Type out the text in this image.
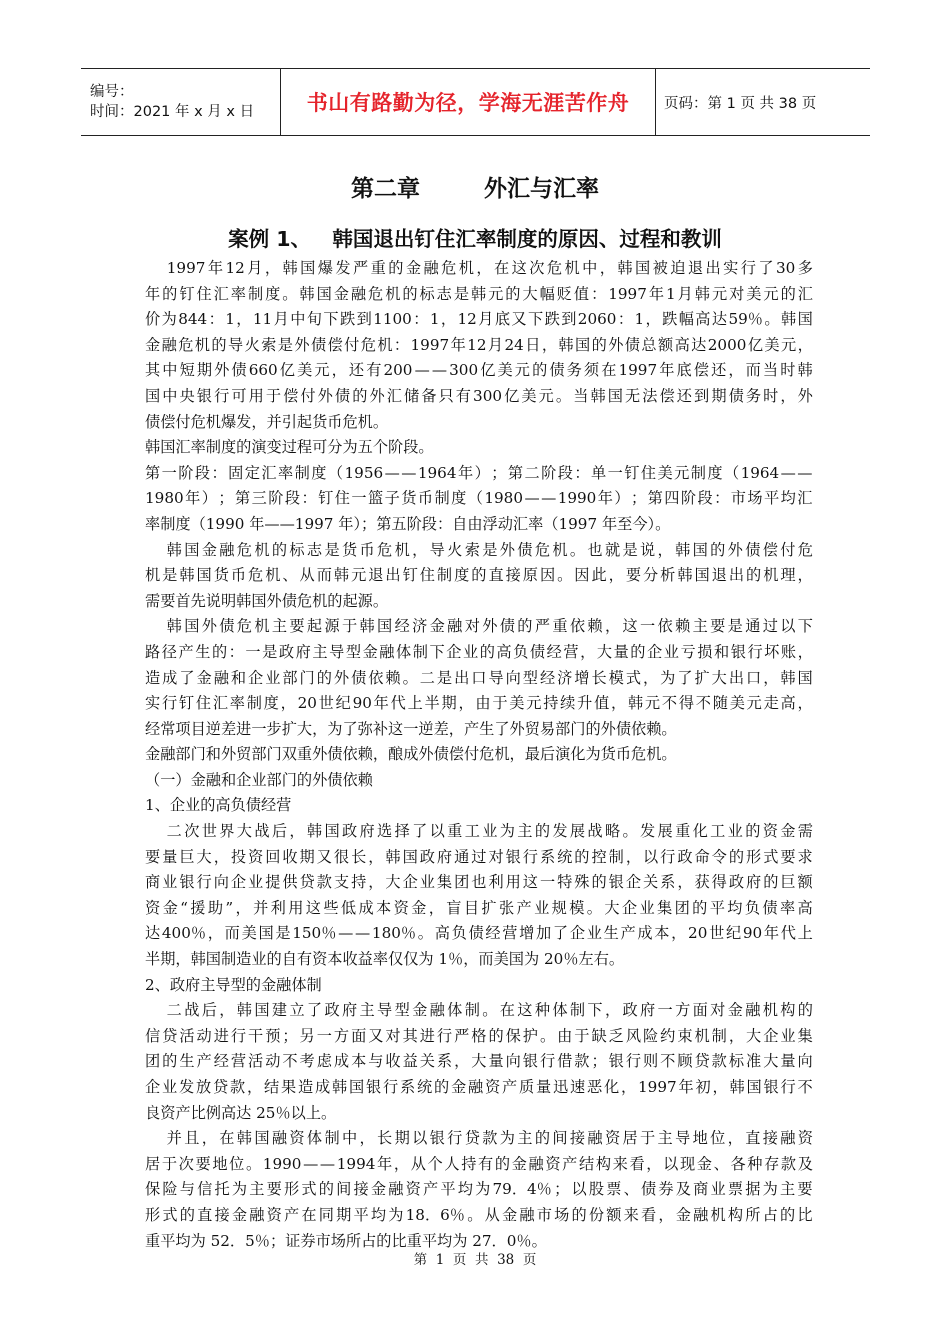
编号：
时间：2021 年 x 月 x 日	书山有路勤为径，学海无涯苦作舟	页码：第 1 页 共 38 页
第二章        外汇与汇率
案例 1、   韩国退出钉住汇率制度的原因、过程和教训

1997 年 12 月 ， 韩 国 爆 发 严 重 的 金 融 危 机 ， 在 这 次 危 机 中 ， 韩 国 被 迫 退 出 实 行 了 30 多
年 的 钉 住 汇 率 制 度 。 韩 国 金 融 危 机 的 标 志 是 韩 元 的 大 幅 贬 值 ： 1997 年 1 月 韩 元 对 美 元 的 汇
价 为 844 ： 1 ， 11 月 中 旬 下 跌 到 1100 ： 1 ， 12 月 底 又 下 跌 到 2060 ： 1 ， 跌 幅 高 达 59％ 。 韩 国
金 融 危 机 的 导 火 索 是 外 债 偿 付 危 机 ： 1997 年 12 月 24 日 ， 韩 国 的 外 债 总 额 高 达 2000 亿 美 元 ，
其 中 短 期 外 债 660 亿 美 元 ， 还 有 200 — — 300 亿 美 元 的 债 务 须 在 1997 年 底 偿 还 ， 而 当 时 韩
国 中 央 银 行 可 用 于 偿 付 外 债 的 外 汇 储 备 只 有 300 亿 美 元 。 当 韩 国 无 法 偿 还 到 期 债 务 时 ， 外
债偿付危机爆发，并引起货币危机。
韩国汇率制度的演变过程可分为五个阶段。
第 一 阶 段 ： 固 定 汇 率 制 度 （ 1956 — — 1964 年 ） ； 第 二 阶 段 ： 单 一 钉 住 美 元 制 度 （ 1964 — —
1980 年 ） ； 第 三 阶 段 ： 钉 住 一 篮 子 货 币 制 度 （ 1980 — — 1990 年 ） ； 第 四 阶 段 ： 市 场 平 均 汇
率制度（1990 年——1997 年）；第五阶段：自由浮动汇率（1997 年至今）。

韩 国 金 融 危 机 的 标 志 是 货 币 危 机 ， 导 火 索 是 外 债 危 机 。 也 就 是 说 ， 韩 国 的 外 债 偿 付 危
机 是 韩 国 货 币 危 机 、 从 而 韩 元 退 出 钉 住 制 度 的 直 接 原 因 。 因 此 ， 要 分 析 韩 国 退 出 的 机 理 ，
需要首先说明韩国外债危机的起源。

韩 国 外 债 危 机 主 要 起 源 于 韩 国 经 济 金 融 对 外 债 的 严 重 依 赖 ， 这 一 依 赖 主 要 是 通 过 以 下
路 径 产 生 的 ： 一 是 政 府 主 导 型 金 融 体 制 下 企 业 的 高 负 债 经 营 ， 大 量 的 企 业 亏 损 和 银 行 坏 账 ，
造 成 了 金 融 和 企 业 部 门 的 外 债 依 赖 。 二 是 出 口 导 向 型 经 济 增 长 模 式 ， 为 了 扩 大 出 口 ， 韩 国
实 行 钉 住 汇 率 制 度 ， 20 世 纪 90 年 代 上 半 期 ， 由 于 美 元 持 续 升 值 ， 韩 元 不 得 不 随 美 元 走 高 ，
经常项目逆差进一步扩大，为了弥补这一逆差，产生了外贸易部门的外债依赖。
金融部门和外贸部门双重外债依赖，酿成外债偿付危机，最后演化为货币危机。
（一）金融和企业部门的外债依赖
1、企业的高负债经营

二 次 世 界 大 战 后 ， 韩 国 政 府 选 择 了 以 重 工 业 为 主 的 发 展 战 略 。 发 展 重 化 工 业 的 资 金 需
要 量 巨 大 ， 投 资 回 收 期 又 很 长 ， 韩 国 政 府 通 过 对 银 行 系 统 的 控 制 ， 以 行 政 命 令 的 形 式 要 求
商 业 银 行 向 企 业 提 供 贷 款 支 持 ， 大 企 业 集 团 也 利 用 这 一 特 殊 的 银 企 关 系 ， 获 得 政 府 的 巨 额
资 金 “ 援 助 ” ， 并 利 用 这 些 低 成 本 资 金 ， 盲 目 扩 张 产 业 规 模 。 大 企 业 集 团 的 平 均 负 债 率 高
达 400％ ， 而 美 国 是 150％ — — 180％ 。 高 负 债 经 营 增 加 了 企 业 生 产 成 本 ， 20 世 纪 90 年 代 上
半期，韩国制造业的自有资本收益率仅仅为 1％，而美国为 20％左右。
2、政府主导型的金融体制

二 战 后 ， 韩 国 建 立 了 政 府 主 导 型 金 融 体 制 。 在 这 种 体 制 下 ， 政 府 一 方 面 对 金 融 机 构 的
信 贷 活 动 进 行 干 预 ； 另 一 方 面 又 对 其 进 行 严 格 的 保 护 。 由 于 缺 乏 风 险 约 束 机 制 ， 大 企 业 集
团 的 生 产 经 营 活 动 不 考 虑 成 本 与 收 益 关 系 ， 大 量 向 银 行 借 款 ； 银 行 则 不 顾 贷 款 标 准 大 量 向
企 业 发 放 贷 款 ， 结 果 造 成 韩 国 银 行 系 统 的 金 融 资 产 质 量 迅 速 恶 化 ， 1997 年 初 ， 韩 国 银 行 不
良资产比例高达 25％以上。

并 且 ， 在 韩 国 融 资 体 制 中 ， 长 期 以 银 行 贷 款 为 主 的 间 接 融 资 居 于 主 导 地 位 ， 直 接 融 资
居 于 次 要 地 位 。 1990 — — 1994 年 ， 从 个 人 持 有 的 金 融 资 产 结 构 来 看 ， 以 现 金 、 各 种 存 款 及
保 险 与 信 托 为 主 要 形 式 的 间 接 金 融 资 产 平 均 为 79．4％ ； 以 股 票 、 债 券 及 商 业 票 据 为 主 要
形 式 的 直 接 金 融 资 产 在 同 期 平 均 为 18．6％ 。 从 金 融 市 场 的 份 额 来 看 ， 金 融 机 构 所 占 的 比
重平均为 52．5％；证券市场所占的比重平均为 27．0％。
第  1  页  共  38  页
